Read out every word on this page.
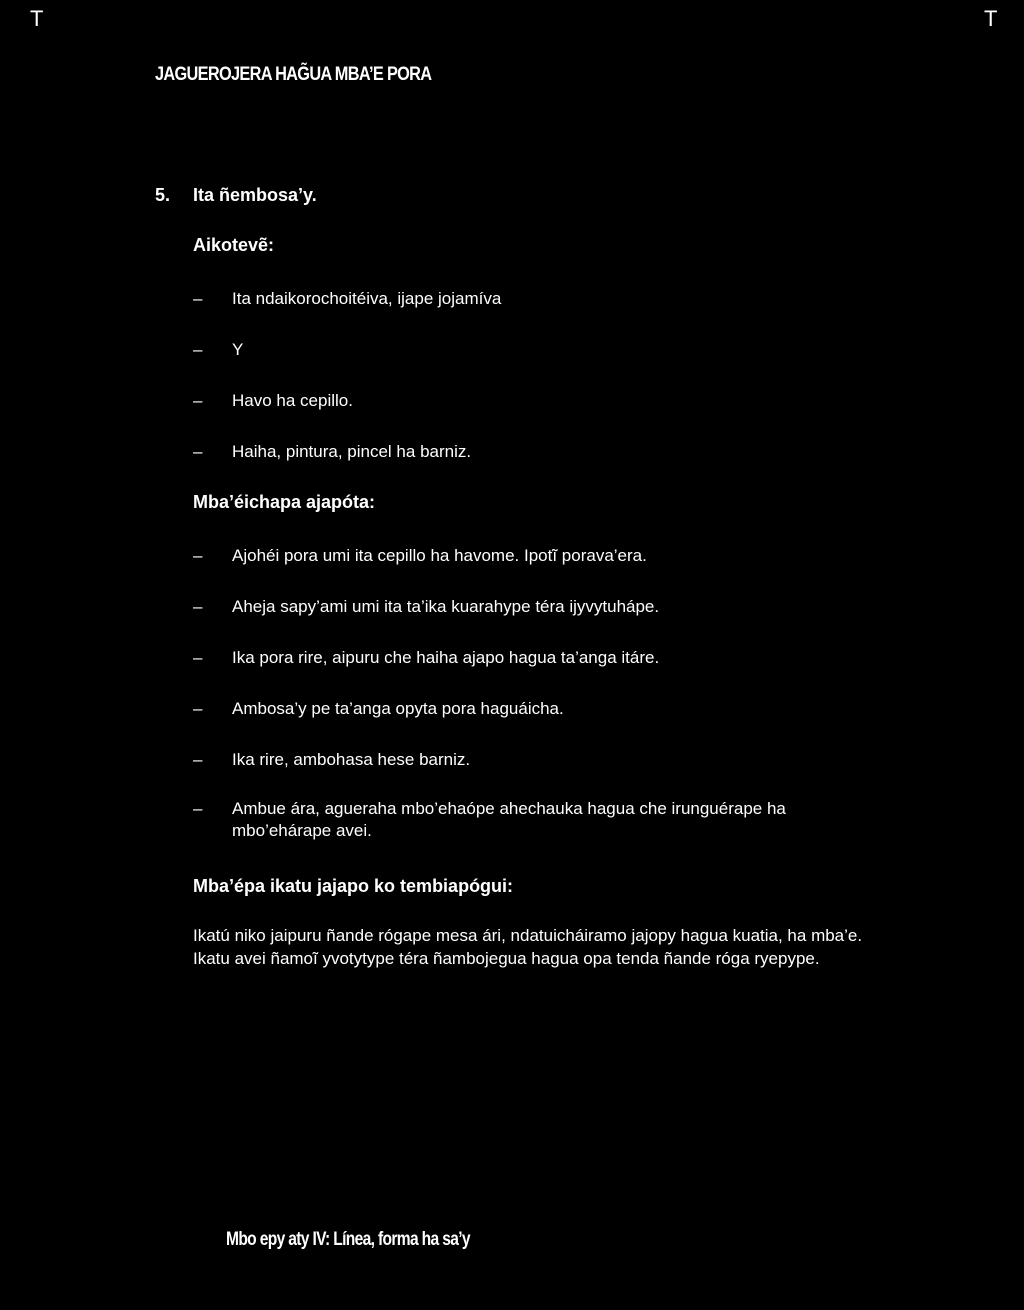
T	T
JAGUEROJERA HAG̃UA MBA’E PORA
5. Ita ñembosa’y.
Aikotevẽ:
–	Ita ndaikorochoitéiva, ijape jojamíva
–	Y
–	Havo ha cepillo.
–	Haiha, pintura, pincel ha barniz.
Mba’éichapa ajapóta:
–	Ajohéi pora umi ita cepillo ha havome. Ipotĩ porava’era.
–	Aheja sapy’ami umi ita ta’ika kuarahype téra ijyvytuhápe.
–	Ika pora rire, aipuru che haiha ajapo hagua ta’anga itáre.
–	Ambosa’y pe ta’anga opyta pora haguáicha.
–	Ika rire, ambohasa hese barniz.
–	Ambue ára, agueraha mbo’ehaópe ahechauka hagua che irunguérape ha mbo’ehárape avei.
Mba’épa ikatu jajapo ko tembiapógui:
Ikatú niko jaipuru ñande rógape mesa ári, ndatuicháiramo jajopy hagua kuatia, ha mba’e. Ikatu avei ñamoĩ yvotytype téra ñambojegua hagua opa tenda ñande róga ryepype.
Mbo epy aty IV: Línea, forma ha sa’y
